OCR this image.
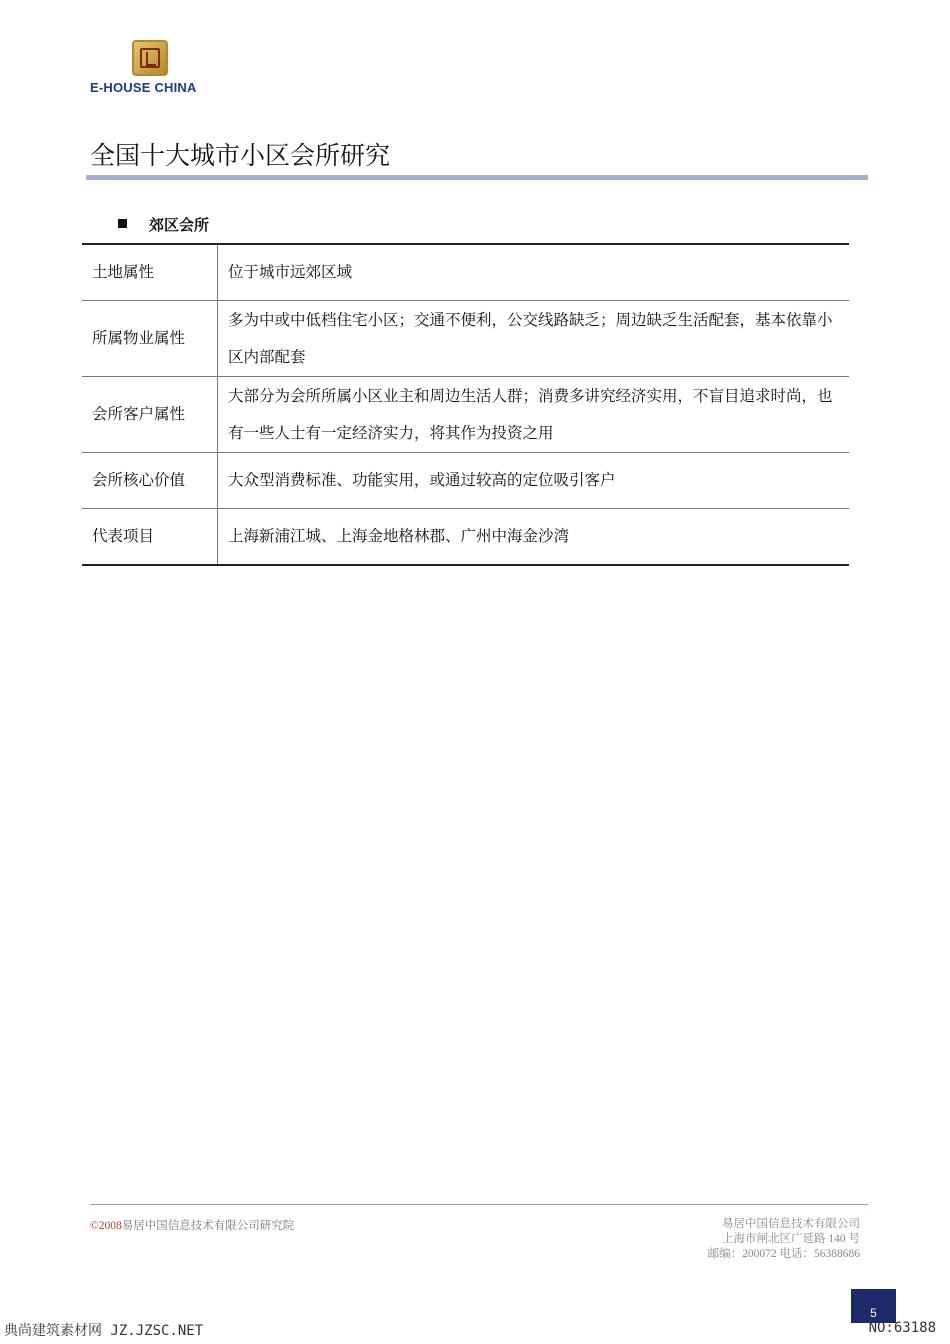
E-HOUSE CHINA
全国十大城市小区会所研究
郊区会所
土地属性	位于城市远郊区域
所属物业属性	多为中或中低档住宅小区；交通不便利，公交线路缺乏；周边缺乏生活配套，基本依靠小区内部配套
会所客户属性	大部分为会所所属小区业主和周边生活人群；消费多讲究经济实用，不盲目追求时尚，也有一些人士有一定经济实力，将其作为投资之用
会所核心价值	大众型消费标准、功能实用，或通过较高的定位吸引客户
代表项目	上海新浦江城、上海金地格林郡、广州中海金沙湾
©2008易居中国信息技术有限公司研究院	易居中国信息技术有限公司
上海市闸北区广延路 140 号
邮编：200072 电话：56388686
5
典尚建筑素材网 JZ.JZSC.NET	NO:63188
